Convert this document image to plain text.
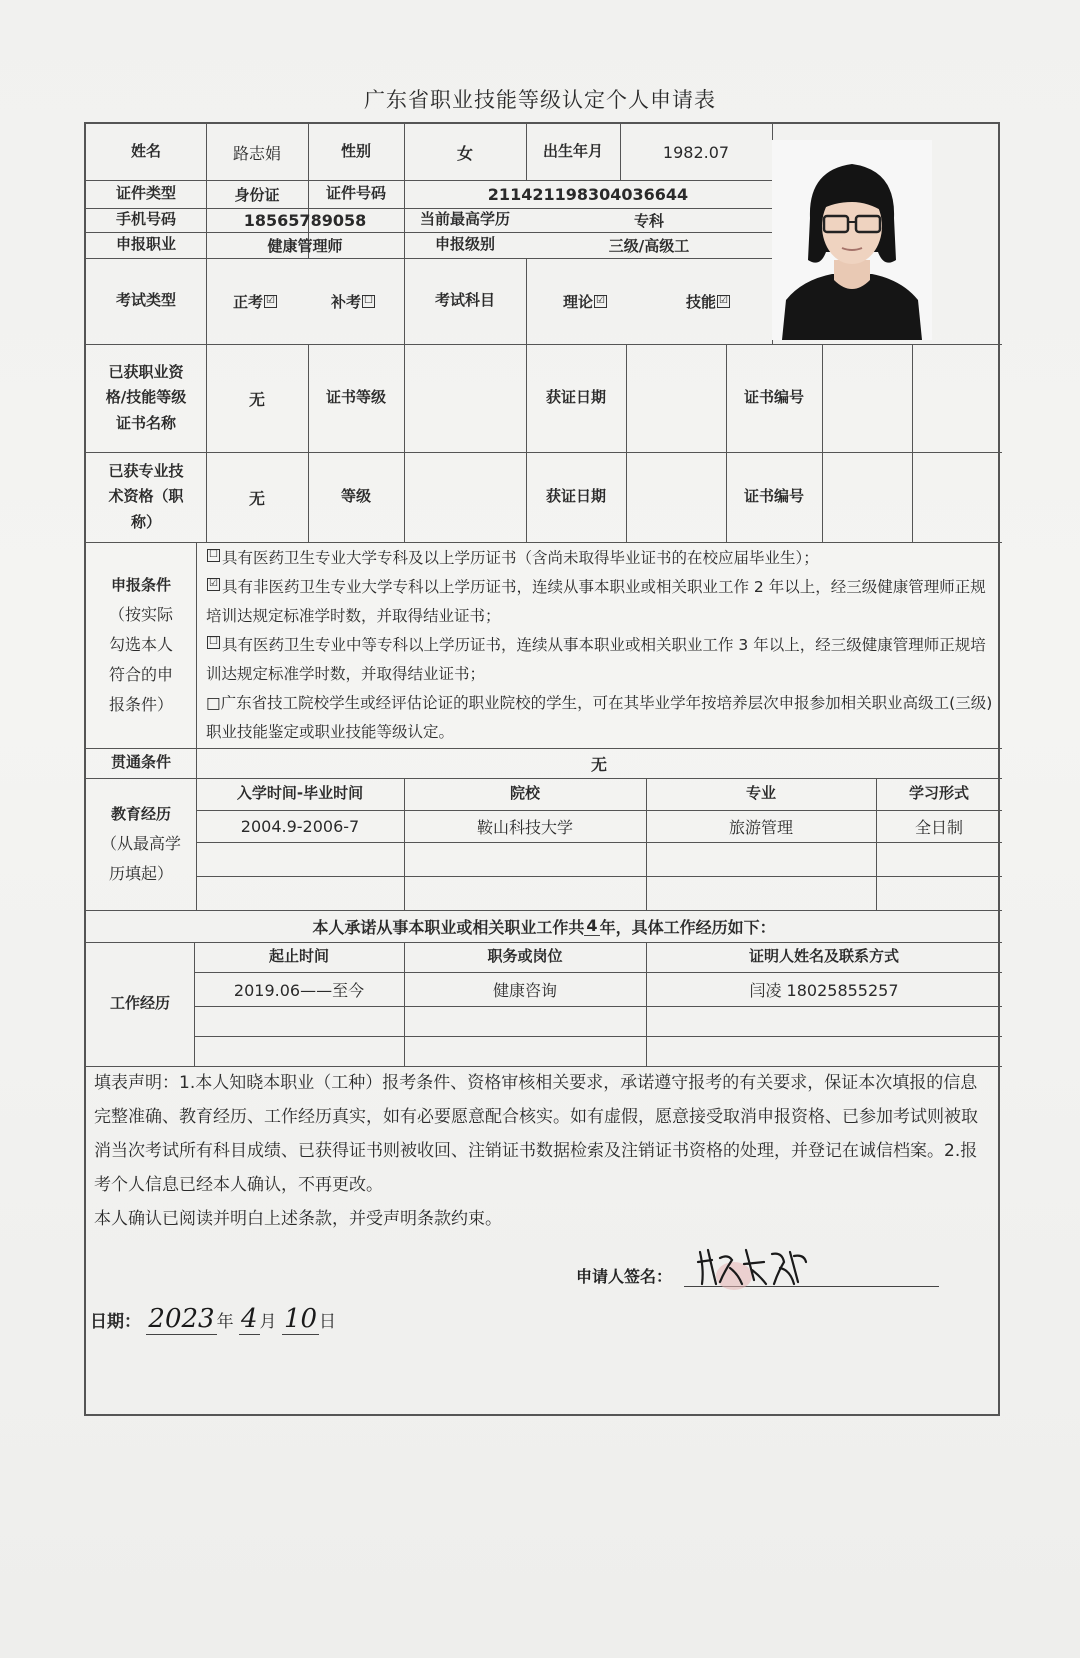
广东省职业技能等级认定个人申请表
姓名	路志娟	性别	女	出生年月	1982.07
证件类型	身份证	证件号码	211421198304036644
手机号码	18565789058	当前最高学历	专科
申报职业	健康管理师	申报级别	三级/高级工
考试类型	正考 ☑	补考 ☐	考试科目	理论 ☑	技能 ☑
已获职业资格/技能等级证书名称
无	证书等级	获证日期	证书编号
已获专业技术资格（职称）
无	等级	获证日期	证书编号
申报条件
（按实际勾选本人符合的申报条件）
☐ 具有医药卫生专业大学专科及以上学历证书（含尚未取得毕业证书的在校应届毕业生）；
☑ 具有非医药卫生专业大学专科以上学历证书，连续从事本职业或相关职业工作 2 年以上，经三级健康管理师正规培训达规定标准学时数，并取得结业证书；
☐ 具有医药卫生专业中等专科以上学历证书，连续从事本职业或相关职业工作 3 年以上，经三级健康管理师正规培训达规定标准学时数，并取得结业证书；
□广东省技工院校学生或经评估论证的职业院校的学生，可在其毕业学年按培养层次申报参加相关职业高级工(三级)职业技能鉴定或职业技能等级认定。
贯通条件	无
教育经历
（从最高学历填起）
入学时间-毕业时间	院校	专业	学习形式
2004.9-2006-7	鞍山科技大学	旅游管理	全日制
本人承诺从事本职业或相关职业工作共 4 年，具体工作经历如下：
工作经历
起止时间	职务或岗位	证明人姓名及联系方式
2019.06——至今	健康咨询	闫凌 18025855257
填表声明：1.本人知晓本职业（工种）报考条件、资格审核相关要求，承诺遵守报考的有关要求，保证本次填报的信息完整准确、教育经历、工作经历真实，如有必要愿意配合核实。如有虚假，愿意接受取消申报资格、已参加考试则被取消当次考试所有科目成绩、已获得证书则被收回、注销证书数据检索及注销证书资格的处理，并登记在诚信档案。2.报考个人信息已经本人确认，不再更改。
本人确认已阅读并明白上述条款，并受声明条款约束。
申请人签名：
日期： 2023 年 4 月 10 日
